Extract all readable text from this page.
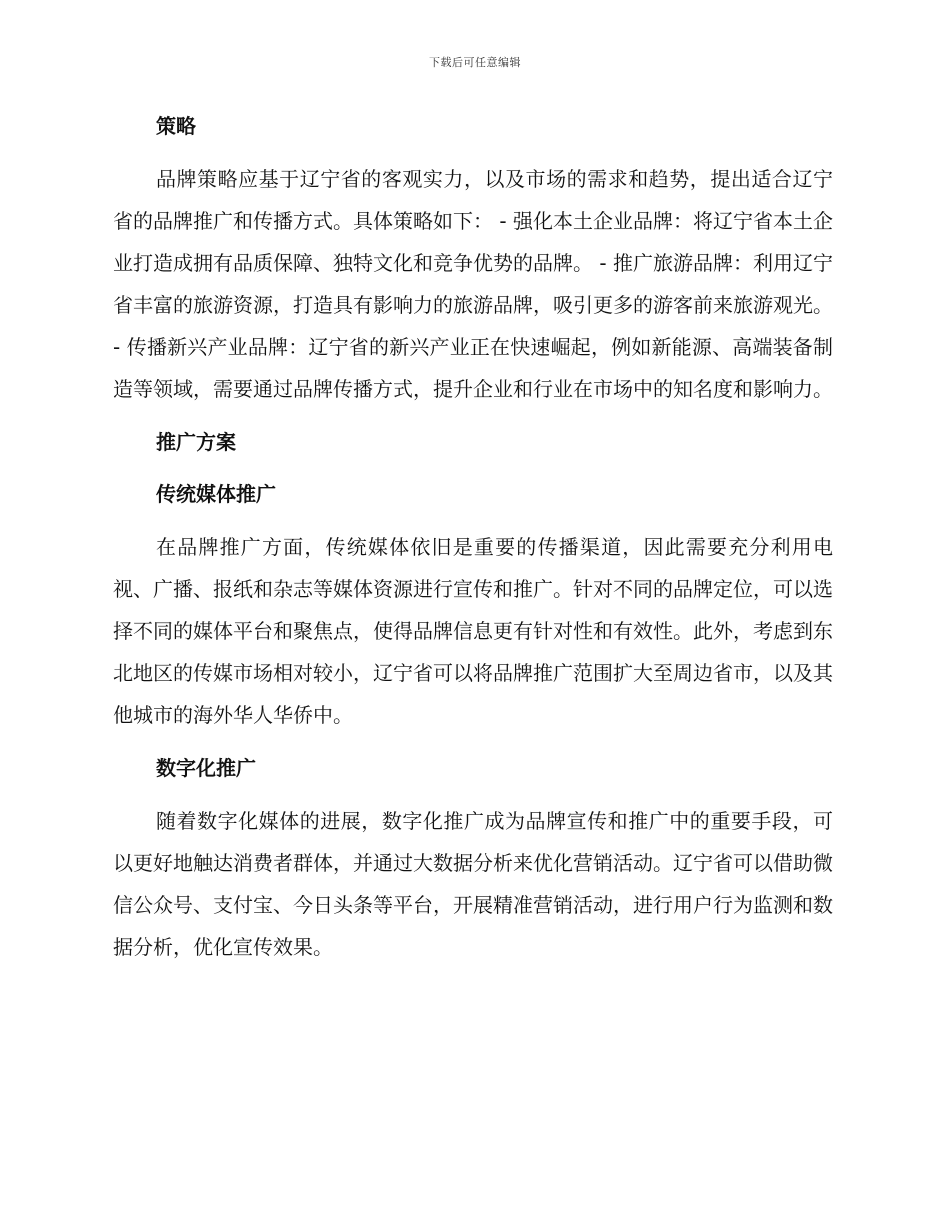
下载后可任意编辑
策略
品牌策略应基于辽宁省的客观实力，以及市场的需求和趋势，提出适合辽宁省的品牌推广和传播方式。具体策略如下： - 强化本土企业品牌：将辽宁省本土企业打造成拥有品质保障、独特文化和竞争优势的品牌。 - 推广旅游品牌：利用辽宁省丰富的旅游资源，打造具有影响力的旅游品牌，吸引更多的游客前来旅游观光。 - 传播新兴产业品牌：辽宁省的新兴产业正在快速崛起，例如新能源、高端装备制造等领域，需要通过品牌传播方式，提升企业和行业在市场中的知名度和影响力。
推广方案
传统媒体推广
在品牌推广方面，传统媒体依旧是重要的传播渠道，因此需要充分利用电视、广播、报纸和杂志等媒体资源进行宣传和推广。针对不同的品牌定位，可以选择不同的媒体平台和聚焦点，使得品牌信息更有针对性和有效性。此外，考虑到东北地区的传媒市场相对较小，辽宁省可以将品牌推广范围扩大至周边省市，以及其他城市的海外华人华侨中。
数字化推广
随着数字化媒体的进展，数字化推广成为品牌宣传和推广中的重要手段，可以更好地触达消费者群体，并通过大数据分析来优化营销活动。辽宁省可以借助微信公众号、支付宝、今日头条等平台，开展精准营销活动，进行用户行为监测和数据分析，优化宣传效果。
